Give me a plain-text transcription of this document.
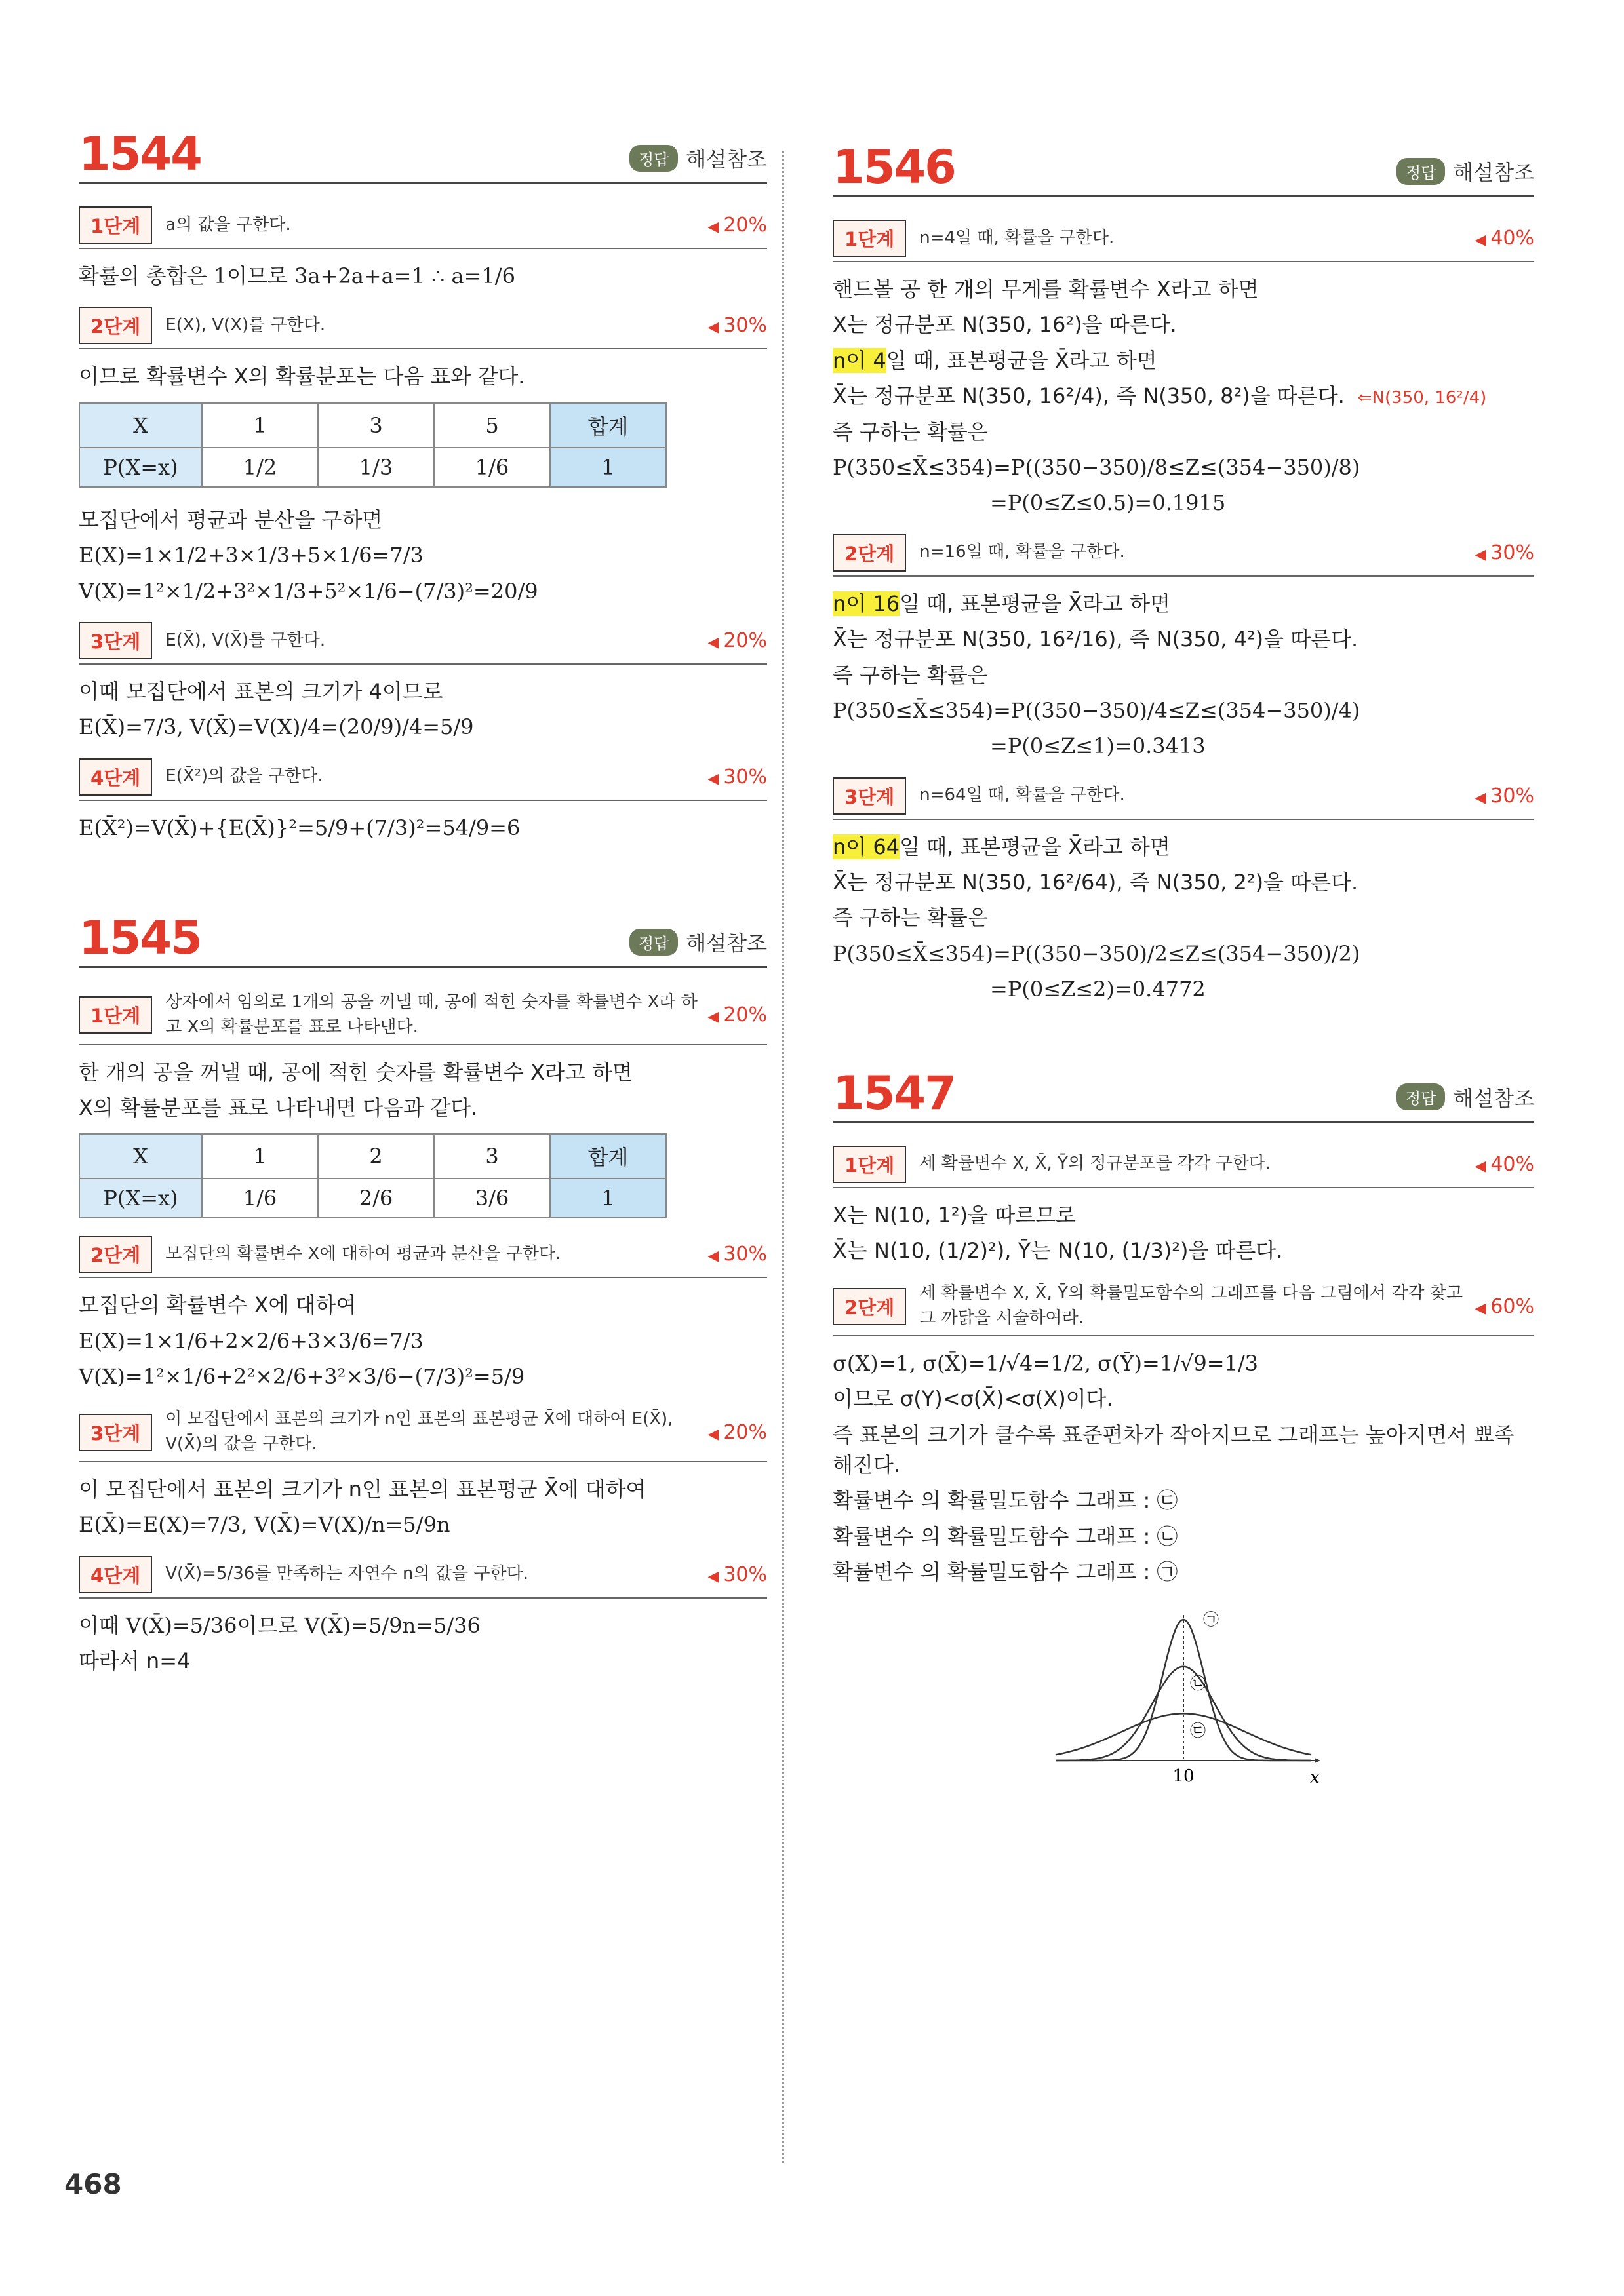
1544	정답 해설참조
1단계	a의 값을 구한다.	◀ 20%
확률의 총합은 1이므로 3a+2a+a=1 ∴ a=1/6
2단계	E(X), V(X)를 구한다.	◀ 30%
이므로 확률변수 X의 확률분포는 다음 표와 같다.
X	1	3	5	합계
P(X=x)	1/2	1/3	1/6	1
모집단에서 평균과 분산을 구하면
E(X)=1×1/2+3×1/3+5×1/6=7/3
V(X)=1²×1/2+3²×1/3+5²×1/6−(7/3)²=20/9
3단계	E(X̄), V(X̄)를 구한다.	◀ 20%
이때 모집단에서 표본의 크기가 4이므로
E(X̄)=7/3, V(X̄)=V(X)/4=(20/9)/4=5/9
4단계	E(X̄²)의 값을 구한다.	◀ 30%
E(X̄²)=V(X̄)+{E(X̄)}²=5/9+(7/3)²=54/9=6
1545	정답 해설참조
1단계
상자에서 임의로 1개의 공을 꺼낼 때, 공에 적힌 숫자를 확률변수 X라 하고 X의 확률분포를 표로 나타낸다.
◀ 20%
한 개의 공을 꺼낼 때, 공에 적힌 숫자를 확률변수 X라고 하면
X의 확률분포를 표로 나타내면 다음과 같다.
X	1	2	3	합계
P(X=x)	1/6	2/6	3/6	1
2단계	모집단의 확률변수 X에 대하여 평균과 분산을 구한다.	◀ 30%
모집단의 확률변수 X에 대하여
E(X)=1×1/6+2×2/6+3×3/6=7/3
V(X)=1²×1/6+2²×2/6+3²×3/6−(7/3)²=5/9
3단계
이 모집단에서 표본의 크기가 n인 표본의 표본평균 X̄에 대하여 E(X̄), V(X̄)의 값을 구한다.
◀ 20%
이 모집단에서 표본의 크기가 n인 표본의 표본평균 X̄에 대하여
E(X̄)=E(X)=7/3, V(X̄)=V(X)/n=5/9n
4단계	V(X̄)=5/36를 만족하는 자연수 n의 값을 구한다.	◀ 30%
이때 V(X̄)=5/36이므로 V(X̄)=5/9n=5/36
따라서 n=4
1546	정답 해설참조
1단계	n=4일 때, 확률을 구한다.	◀ 40%
핸드볼 공 한 개의 무게를 확률변수 X라고 하면
X는 정규분포 N(350, 16²)을 따른다.
n이 4일 때, 표본평균을 X̄라고 하면
X̄는 정규분포 N(350, 16²/4), 즉 N(350, 8²)을 따른다. ⇐N(350, 16²/4)
즉 구하는 확률은
P(350≤X̄≤354)=P((350−350)/8≤Z≤(354−350)/8)
=P(0≤Z≤0.5)=0.1915
2단계	n=16일 때, 확률을 구한다.	◀ 30%
n이 16일 때, 표본평균을 X̄라고 하면
X̄는 정규분포 N(350, 16²/16), 즉 N(350, 4²)을 따른다.
즉 구하는 확률은
P(350≤X̄≤354)=P((350−350)/4≤Z≤(354−350)/4)
=P(0≤Z≤1)=0.3413
3단계	n=64일 때, 확률을 구한다.	◀ 30%
n이 64일 때, 표본평균을 X̄라고 하면
X̄는 정규분포 N(350, 16²/64), 즉 N(350, 2²)을 따른다.
즉 구하는 확률은
P(350≤X̄≤354)=P((350−350)/2≤Z≤(354−350)/2)
=P(0≤Z≤2)=0.4772
1547	정답 해설참조
1단계	세 확률변수 X, X̄, Ȳ의 정규분포를 각각 구한다.	◀ 40%
X는 N(10, 1²)을 따르므로
X̄는 N(10, (1/2)²), Ȳ는 N(10, (1/3)²)을 따른다.
2단계
세 확률변수 X, X̄, Ȳ의 확률밀도함수의 그래프를 다음 그림에서 각각 찾고 그 까닭을 서술하여라.
◀ 60%
σ(X)=1, σ(X̄)=1/√4=1/2, σ(Ȳ)=1/√9=1/3
이므로 σ(Y)<σ(X̄)<σ(X)이다.
즉 표본의 크기가 클수록 표준편차가 작아지므로 그래프는 높아지면서 뾰족해진다.
확률변수 의 확률밀도함수 그래프 : ㉢
확률변수 의 확률밀도함수 그래프 : ㉡
확률변수 의 확률밀도함수 그래프 : ㉠
㉠
㉡
㉢
10	x
468
